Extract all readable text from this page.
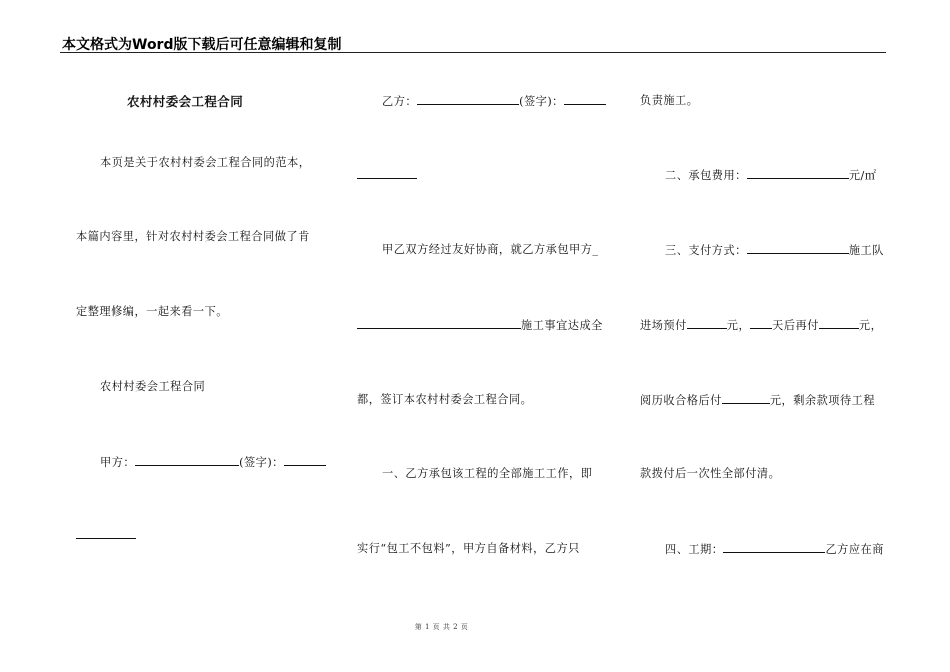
本文格式为Word版下载后可任意编辑和复制
农村村委会工程合同
本页是关于农村村委会工程合同的范本，
本篇内容里，针对农村村委会工程合同做了肯
定整理修编，一起来看一下。
农村村委会工程合同
甲方：	(签字)：
乙方：	(签字)：
甲乙双方经过友好协商，就乙方承包甲方_
施工事宜达成全
都，签订本农村村委会工程合同。
一、乙方承包该工程的全部施工工作，即
实行“包工不包料”，甲方自备材料，乙方只
负责施工。
二、承包费用：	元/㎡
三、支付方式：	施工队
进场预付	元， 天后再付	元，
阅历收合格后付	元，剩余款项待工程
款拨付后一次性全部付清。
四、工期：	乙方应在商
第 1 页 共 2 页
